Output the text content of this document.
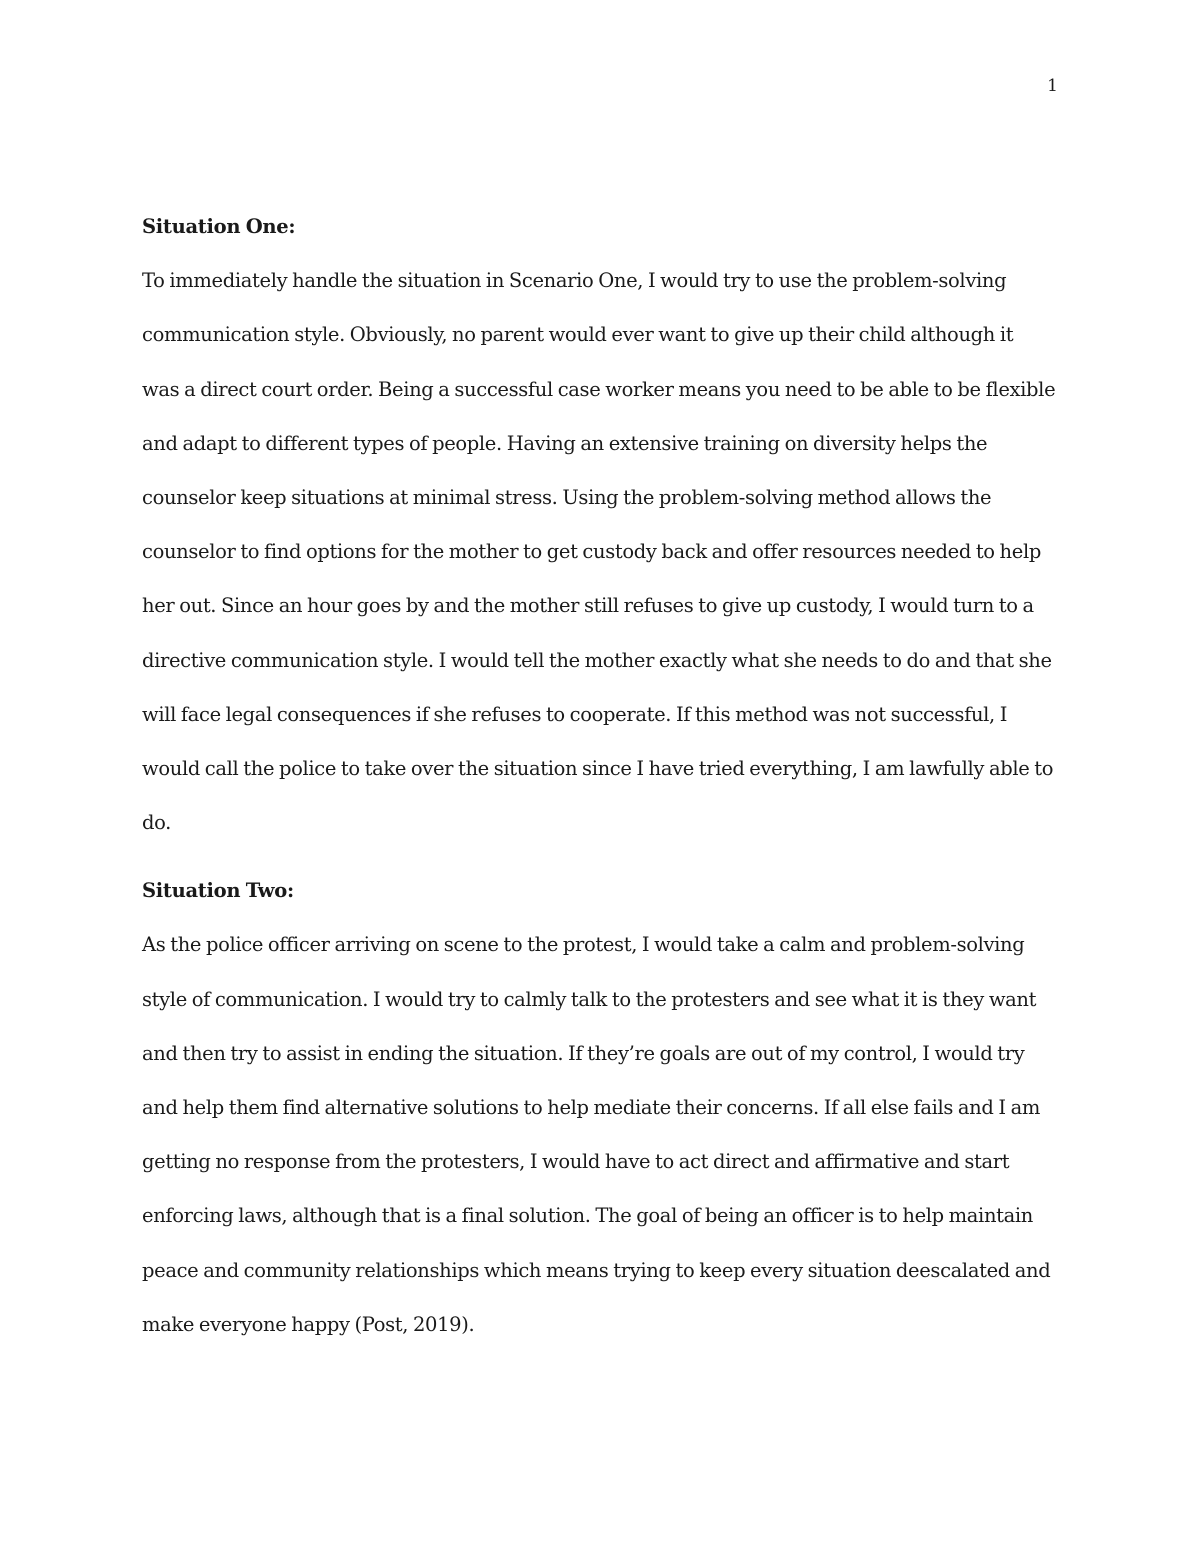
1
Situation One:
To immediately handle the situation in Scenario One, I would try to use the problem-solving
communication style. Obviously, no parent would ever want to give up their child although it
was a direct court order. Being a successful case worker means you need to be able to be flexible
and adapt to different types of people. Having an extensive training on diversity helps the
counselor keep situations at minimal stress. Using the problem-solving method allows the
counselor to find options for the mother to get custody back and offer resources needed to help
her out. Since an hour goes by and the mother still refuses to give up custody, I would turn to a
directive communication style. I would tell the mother exactly what she needs to do and that she
will face legal consequences if she refuses to cooperate. If this method was not successful, I
would call the police to take over the situation since I have tried everything, I am lawfully able to
do.
Situation Two:
As the police officer arriving on scene to the protest, I would take a calm and problem-solving
style of communication. I would try to calmly talk to the protesters and see what it is they want
and then try to assist in ending the situation. If they’re goals are out of my control, I would try
and help them find alternative solutions to help mediate their concerns. If all else fails and I am
getting no response from the protesters, I would have to act direct and affirmative and start
enforcing laws, although that is a final solution. The goal of being an officer is to help maintain
peace and community relationships which means trying to keep every situation deescalated and
make everyone happy (Post, 2019).
